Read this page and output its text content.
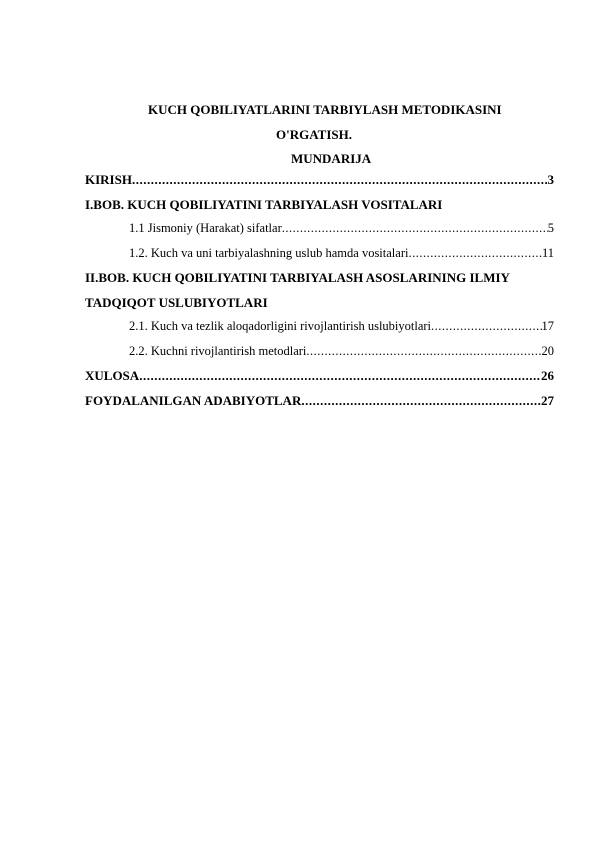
KUCH QOBILIYATLARINI TARBIYLASH METODIKASINI
O'RGATISH.
MUNDARIJA
KIRISH .....	3
I.BOB. KUCH QOBILIYATINI TARBIYALASH VOSITALARI
1.1 Jismoniy (Harakat) sifatlar .....	5
1.2. Kuch va uni tarbiyalashning uslub hamda vositalari .....	11
II.BOB. KUCH QOBILIYATINI TARBIYALASH ASOSLARINING ILMIY
TADQIQOT USLUBIYOTLARI
2.1. Kuch va tezlik aloqadorligini rivojlantirish uslubiyotlari .....	17
2.2. Kuchni rivojlantirish metodlari .....	20
XULOSA .....	26
FOYDALANILGAN ADABIYOTLAR .....	27
